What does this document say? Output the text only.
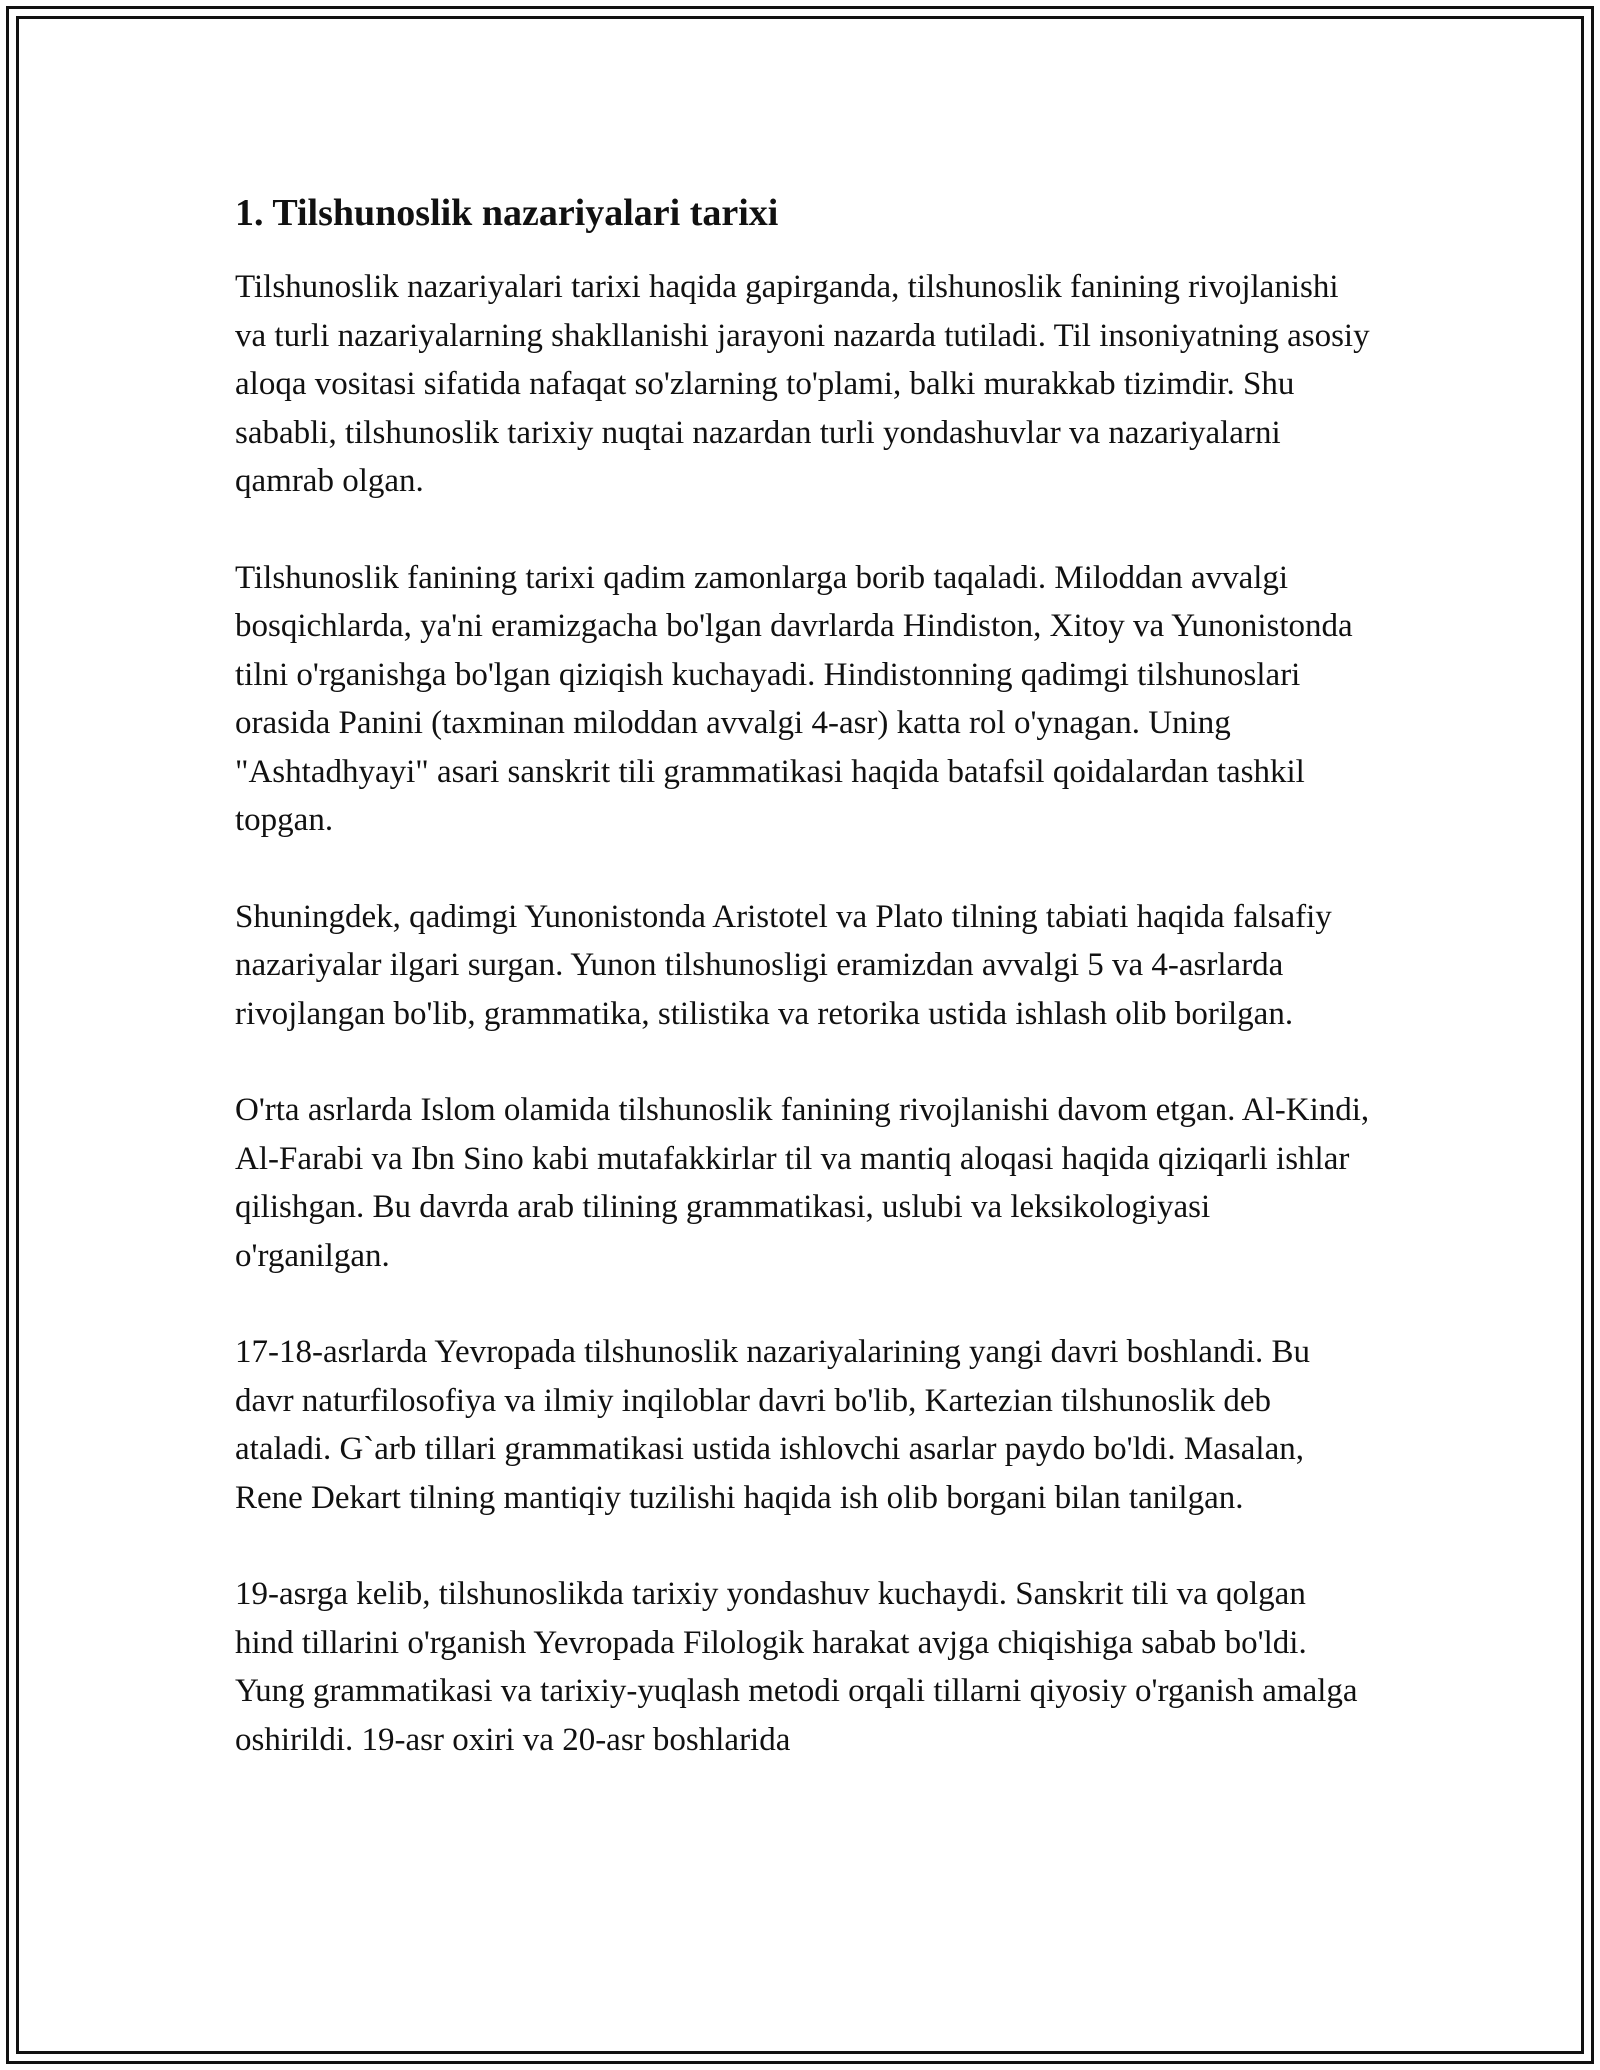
1. Tilshunoslik nazariyalari tarixi

Tilshunoslik nazariyalari tarixi haqida gapirganda, tilshunoslik fanining rivojlanishi va turli nazariyalarning shakllanishi jarayoni nazarda tutiladi. Til insoniyatning asosiy aloqa vositasi sifatida nafaqat so'zlarning to'plami, balki murakkab tizimdir. Shu sababli, tilshunoslik tarixiy nuqtai nazardan turli yondashuvlar va nazariyalarni qamrab olgan.

Tilshunoslik fanining tarixi qadim zamonlarga borib taqaladi. Miloddan avvalgi bosqichlarda, ya'ni eramizgacha bo'lgan davrlarda Hindiston, Xitoy va Yunonistonda tilni o'rganishga bo'lgan qiziqish kuchayadi. Hindistonning qadimgi tilshunoslari orasida Panini (taxminan miloddan avvalgi 4-asr) katta rol o'ynagan. Uning "Ashtadhyayi" asari sanskrit tili grammatikasi haqida batafsil qoidalardan tashkil topgan.

Shuningdek, qadimgi Yunonistonda Aristotel va Plato tilning tabiati haqida falsafiy nazariyalar ilgari surgan. Yunon tilshunosligi eramizdan avvalgi 5 va 4-asrlarda rivojlangan bo'lib, grammatika, stilistika va retorika ustida ishlash olib borilgan.

O'rta asrlarda Islom olamida tilshunoslik fanining rivojlanishi davom etgan. Al-Kindi, Al-Farabi va Ibn Sino kabi mutafakkirlar til va mantiq aloqasi haqida qiziqarli ishlar qilishgan. Bu davrda arab tilining grammatikasi, uslubi va leksikologiyasi o'rganilgan.

17-18-asrlarda Yevropada tilshunoslik nazariyalarining yangi davri boshlandi. Bu davr naturfilosofiya va ilmiy inqiloblar davri bo'lib, Kartezian tilshunoslik deb ataladi. G`arb tillari grammatikasi ustida ishlovchi asarlar paydo bo'ldi. Masalan, Rene Dekart tilning mantiqiy tuzilishi haqida ish olib borgani bilan tanilgan.

19-asrga kelib, tilshunoslikda tarixiy yondashuv kuchaydi. Sanskrit tili va qolgan hind tillarini o'rganish Yevropada Filologik harakat avjga chiqishiga sabab bo'ldi. Yung grammatikasi va tarixiy-yuqlash metodi orqali tillarni qiyosiy o'rganish amalga oshirildi. 19-asr oxiri va 20-asr boshlarida
